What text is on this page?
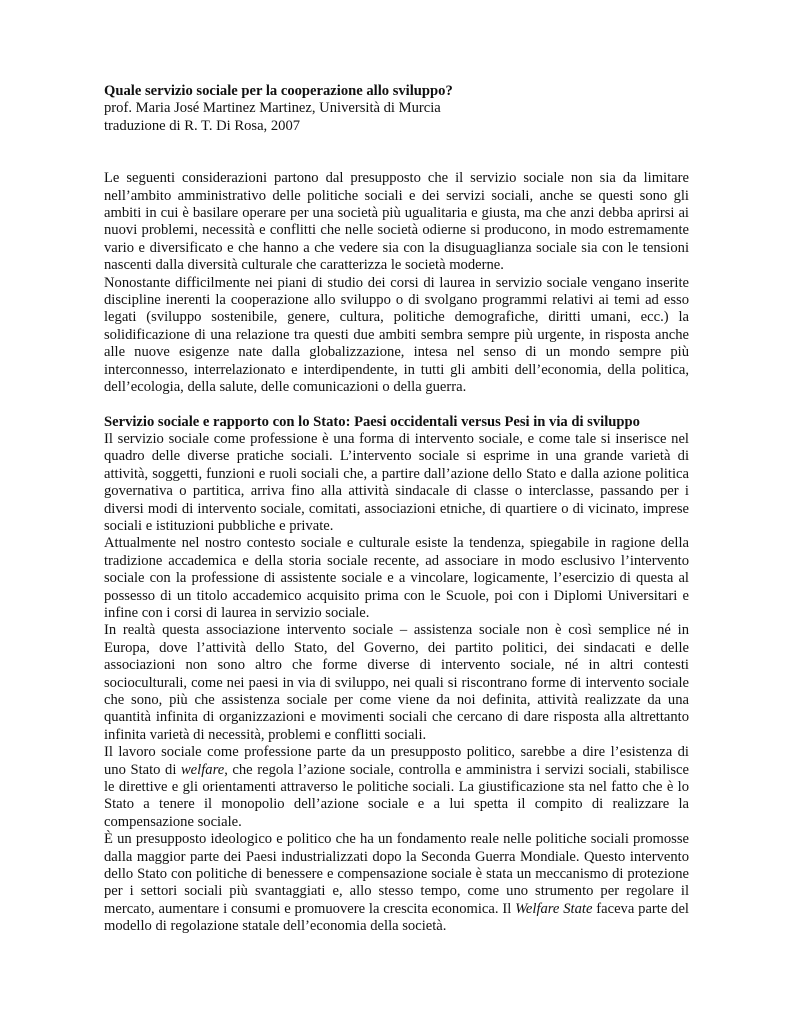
Quale servizio sociale per la cooperazione allo sviluppo?
prof. Maria José Martinez Martinez, Università di Murcia
traduzione di R. T. Di Rosa, 2007

Le seguenti considerazioni partono dal presupposto che il servizio sociale non sia da limitare nell’ambito amministrativo delle politiche sociali e dei servizi sociali, anche se questi sono gli ambiti in cui è basilare operare per una società più ugualitaria e giusta, ma che anzi debba aprirsi ai nuovi problemi, necessità e conflitti che nelle società odierne si producono, in modo estremamente vario e diversificato e che hanno a che vedere sia con la disuguaglianza sociale sia con le tensioni nascenti dalla diversità culturale che caratterizza le società moderne.

Nonostante difficilmente nei piani di studio dei corsi di laurea in servizio sociale vengano inserite discipline inerenti la cooperazione allo sviluppo o di svolgano programmi relativi ai temi ad esso legati (sviluppo sostenibile, genere, cultura, politiche demografiche, diritti umani, ecc.) la solidificazione di una relazione tra questi due ambiti sembra sempre più urgente, in risposta anche alle nuove esigenze nate dalla globalizzazione, intesa nel senso di un mondo sempre più interconnesso, interrelazionato e interdipendente, in tutti gli ambiti dell’economia, della politica, dell’ecologia, della salute, delle comunicazioni o della guerra.

Servizio sociale e rapporto con lo Stato: Paesi occidentali versus Pesi in via di sviluppo

Il servizio sociale come professione è una forma di intervento sociale, e come tale si inserisce nel quadro delle diverse pratiche sociali. L’intervento sociale si esprime in una grande varietà di attività, soggetti, funzioni e ruoli sociali che, a partire dall’azione dello Stato e dalla azione politica governativa o partitica, arriva fino alla attività sindacale di classe o interclasse, passando per i diversi modi di intervento sociale, comitati, associazioni etniche, di quartiere o di vicinato, imprese sociali e istituzioni pubbliche e private.

Attualmente nel nostro contesto sociale e culturale esiste la tendenza, spiegabile in ragione della tradizione accademica e della storia sociale recente, ad associare in modo esclusivo l’intervento sociale con la professione di assistente sociale e a vincolare, logicamente, l’esercizio di questa al possesso di un titolo accademico acquisito prima con le Scuole, poi con i Diplomi Universitari e infine con i corsi di laurea in servizio sociale.

In realtà questa associazione intervento sociale – assistenza sociale non è così semplice né in Europa, dove l’attività dello Stato, del Governo, dei partito politici, dei sindacati e delle associazioni non sono altro che forme diverse di intervento sociale, né in altri contesti socioculturali, come nei paesi in via di sviluppo, nei quali si riscontrano forme di intervento sociale che sono, più che assistenza sociale per come viene da noi definita, attività realizzate da una quantità infinita di organizzazioni e movimenti sociali che cercano di dare risposta alla altrettanto infinita varietà di necessità, problemi e conflitti sociali.

Il lavoro sociale come professione parte da un presupposto politico, sarebbe a dire l’esistenza di uno Stato di welfare, che regola l’azione sociale, controlla e amministra i servizi sociali, stabilisce le direttive e gli orientamenti attraverso le politiche sociali. La giustificazione sta nel fatto che è lo Stato a tenere il monopolio dell’azione sociale e a lui spetta il compito di realizzare la compensazione sociale.

È un presupposto ideologico e politico che ha un fondamento reale nelle politiche sociali promosse dalla maggior parte dei Paesi industrializzati dopo la Seconda Guerra Mondiale. Questo intervento dello Stato con politiche di benessere e compensazione sociale è stata un meccanismo di protezione per i settori sociali più svantaggiati e, allo stesso tempo, come uno strumento per regolare il mercato, aumentare i consumi e promuovere la crescita economica. Il Welfare State faceva parte del modello di regolazione statale dell’economia della società.
